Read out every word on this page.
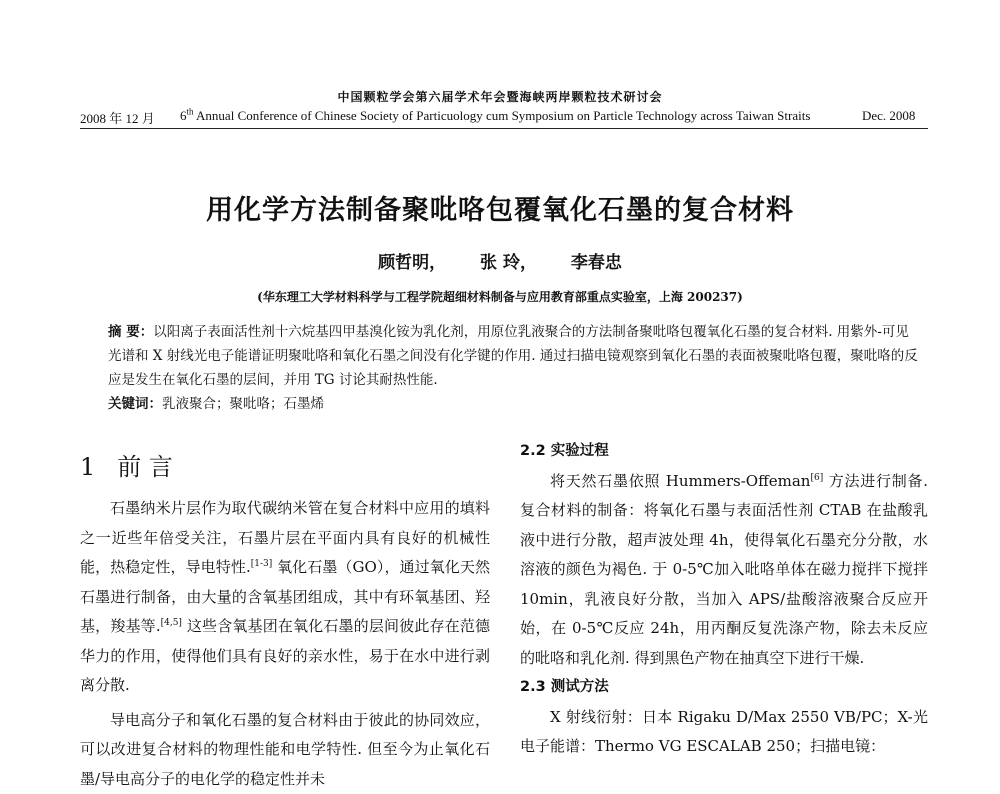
中国颗粒学会第六届学术年会暨海峡两岸颗粒技术研讨会
2008 年 12 月 6th Annual Conference of Chinese Society of Particuology cum Symposium on Particle Technology across Taiwan Straits	Dec. 2008
用化学方法制备聚吡咯包覆氧化石墨的复合材料
顾哲明， 张 玲， 李春忠
(华东理工大学材料科学与工程学院超细材料制备与应用教育部重点实验室，上海 200237)
摘 要：以阳离子表面活性剂十六烷基四甲基溴化铵为乳化剂，用原位乳液聚合的方法制备聚吡咯包覆氧化石墨的复合材料. 用紫外-可见光谱和 X 射线光电子能谱证明聚吡咯和氧化石墨之间没有化学键的作用. 通过扫描电镜观察到氧化石墨的表面被聚吡咯包覆，聚吡咯的反应是发生在氧化石墨的层间，并用 TG 讨论其耐热性能.
关键词：乳液聚合；聚吡咯；石墨烯
1 前 言

石墨纳米片层作为取代碳纳米管在复合材料中应用的填料之一近些年倍受关注，石墨片层在平面内具有良好的机械性能，热稳定性，导电特性.[1-3] 氧化石墨（GO），通过氧化天然石墨进行制备，由大量的含氧基团组成，其中有环氧基团、羟基，羧基等.[4,5] 这些含氧基团在氧化石墨的层间彼此存在范德华力的作用，使得他们具有良好的亲水性，易于在水中进行剥离分散.

导电高分子和氧化石墨的复合材料由于彼此的协同效应，可以改进复合材料的物理性能和电学特性. 但至今为止氧化石墨/导电高分子的电化学的稳定性并未

2.2 实验过程

将天然石墨依照 Hummers-Offeman[6] 方法进行制备. 复合材料的制备：将氧化石墨与表面活性剂 CTAB 在盐酸乳液中进行分散，超声波处理 4h，使得氧化石墨充分分散，水溶液的颜色为褐色. 于 0-5℃加入吡咯单体在磁力搅拌下搅拌 10min，乳液良好分散，当加入 APS/盐酸溶液聚合反应开始，在 0-5℃反应 24h，用丙酮反复洗涤产物，除去未反应的吡咯和乳化剂. 得到黑色产物在抽真空下进行干燥.

2.3 测试方法

X 射线衍射：日本 Rigaku D/Max 2550 VB/PC；X-光电子能谱：Thermo VG ESCALAB 250；扫描电镜：
